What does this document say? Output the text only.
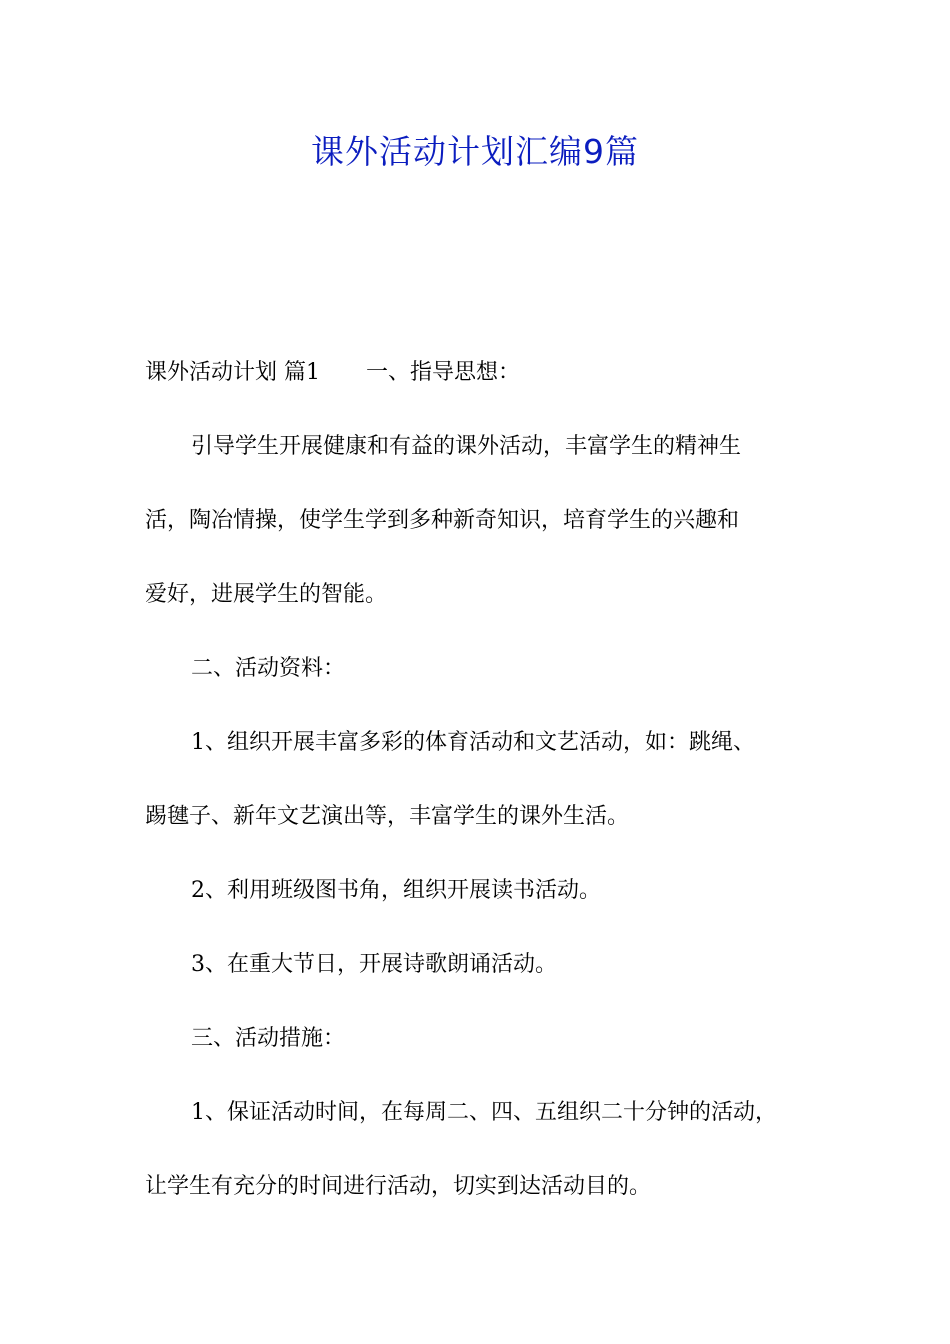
课外活动计划汇编9篇
课外活动计划 篇1 一、指导思想：
引导学生开展健康和有益的课外活动，丰富学生的精神生
活，陶冶情操，使学生学到多种新奇知识，培育学生的兴趣和
爱好，进展学生的智能。
二、活动资料：
1、组织开展丰富多彩的体育活动和文艺活动，如：跳绳、
踢毽子、新年文艺演出等，丰富学生的课外生活。
2、利用班级图书角，组织开展读书活动。
3、在重大节日，开展诗歌朗诵活动。
三、活动措施：
1、保证活动时间，在每周二、四、五组织二十分钟的活动，
让学生有充分的时间进行活动，切实到达活动目的。
